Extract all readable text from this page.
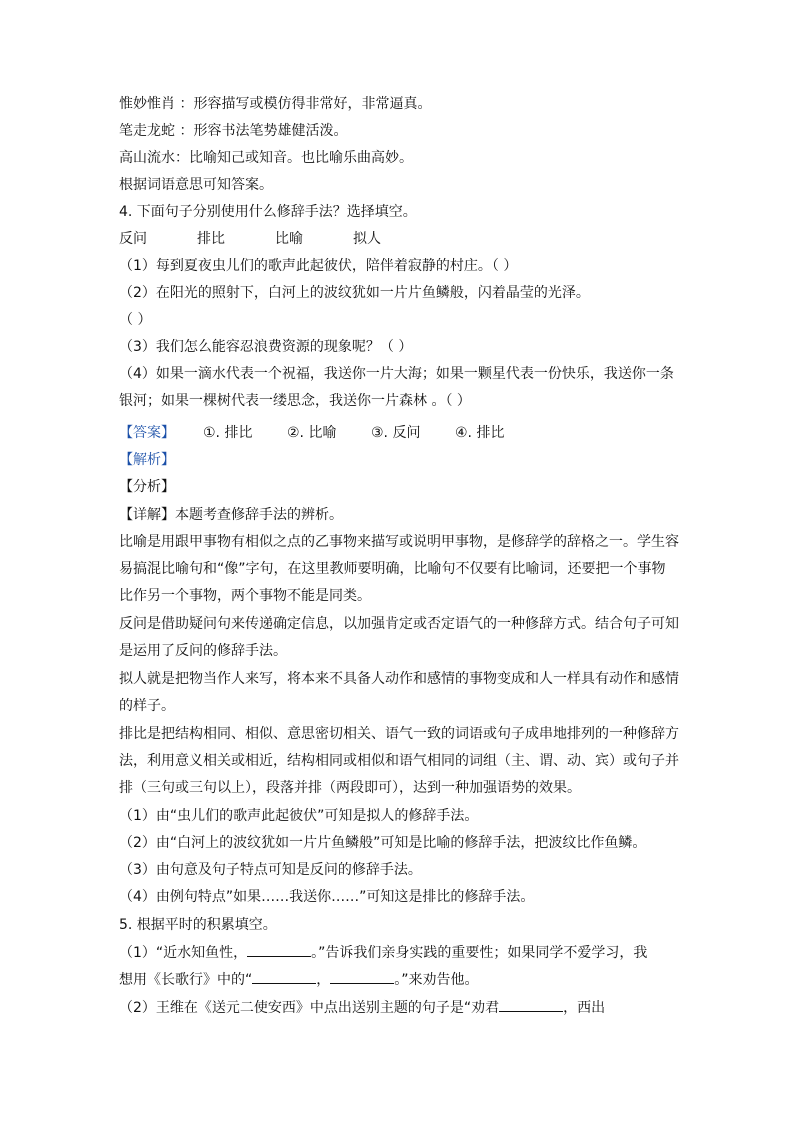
惟妙惟肖 ：形容描写或模仿得非常好，非常逼真。
笔走龙蛇 ：形容书法笔势雄健活泼。
高山流水：比喻知己或知音。也比喻乐曲高妙。
根据词语意思可知答案。
4. 下面句子分别使用什么修辞手法？选择填空。
反问	排比	比喻	拟人
（1）每到夏夜虫儿们的歌声此起彼伏，陪伴着寂静的村庄。（ ）
（2）在阳光的照射下，白河上的波纹犹如一片片鱼鳞般，闪着晶莹的光泽。
（ ）
（3）我们怎么能容忍浪费资源的现象呢？（ ）
（4）如果一滴水代表一个祝福，我送你一片大海；如果一颗星代表一份快乐，我送你一条
银河；如果一棵树代表一缕思念，我送你一片森林 。（ ）
【答案】 ①. 排比 ②. 比喻 ③. 反问 ④. 排比
【解析】
【分析】
【详解】本题考查修辞手法的辨析。
比喻是用跟甲事物有相似之点的乙事物来描写或说明甲事物，是修辞学的辞格之一。学生容
易搞混比喻句和“像”字句，在这里教师要明确，比喻句不仅要有比喻词，还要把一个事物
比作另一个事物，两个事物不能是同类。
反问是借助疑问句来传递确定信息，以加强肯定或否定语气的一种修辞方式。结合句子可知
是运用了反问的修辞手法。
拟人就是把物当作人来写，将本来不具备人动作和感情的事物变成和人一样具有动作和感情
的样子。
排比是把结构相同、相似、意思密切相关、语气一致的词语或句子成串地排列的一种修辞方
法，利用意义相关或相近，结构相同或相似和语气相同的词组（主、谓、动、宾）或句子并
排（三句或三句以上），段落并排（两段即可），达到一种加强语势的效果。
（1）由“虫儿们的歌声此起彼伏”可知是拟人的修辞手法。
（2）由“白河上的波纹犹如一片片鱼鳞般”可知是比喻的修辞手法，把波纹比作鱼鳞。
（3）由句意及句子特点可知是反问的修辞手法。
（4）由例句特点”如果……我送你……”可知这是排比的修辞手法。
5. 根据平时的积累填空。
（1）“近水知鱼性，	。”告诉我们亲身实践的重要性；如果同学不爱学习，我
想用《长歌行》中的“	，	。”来劝告他。
（2）王维在《送元二使安西》中点出送别主题的句子是“劝君	，西出
